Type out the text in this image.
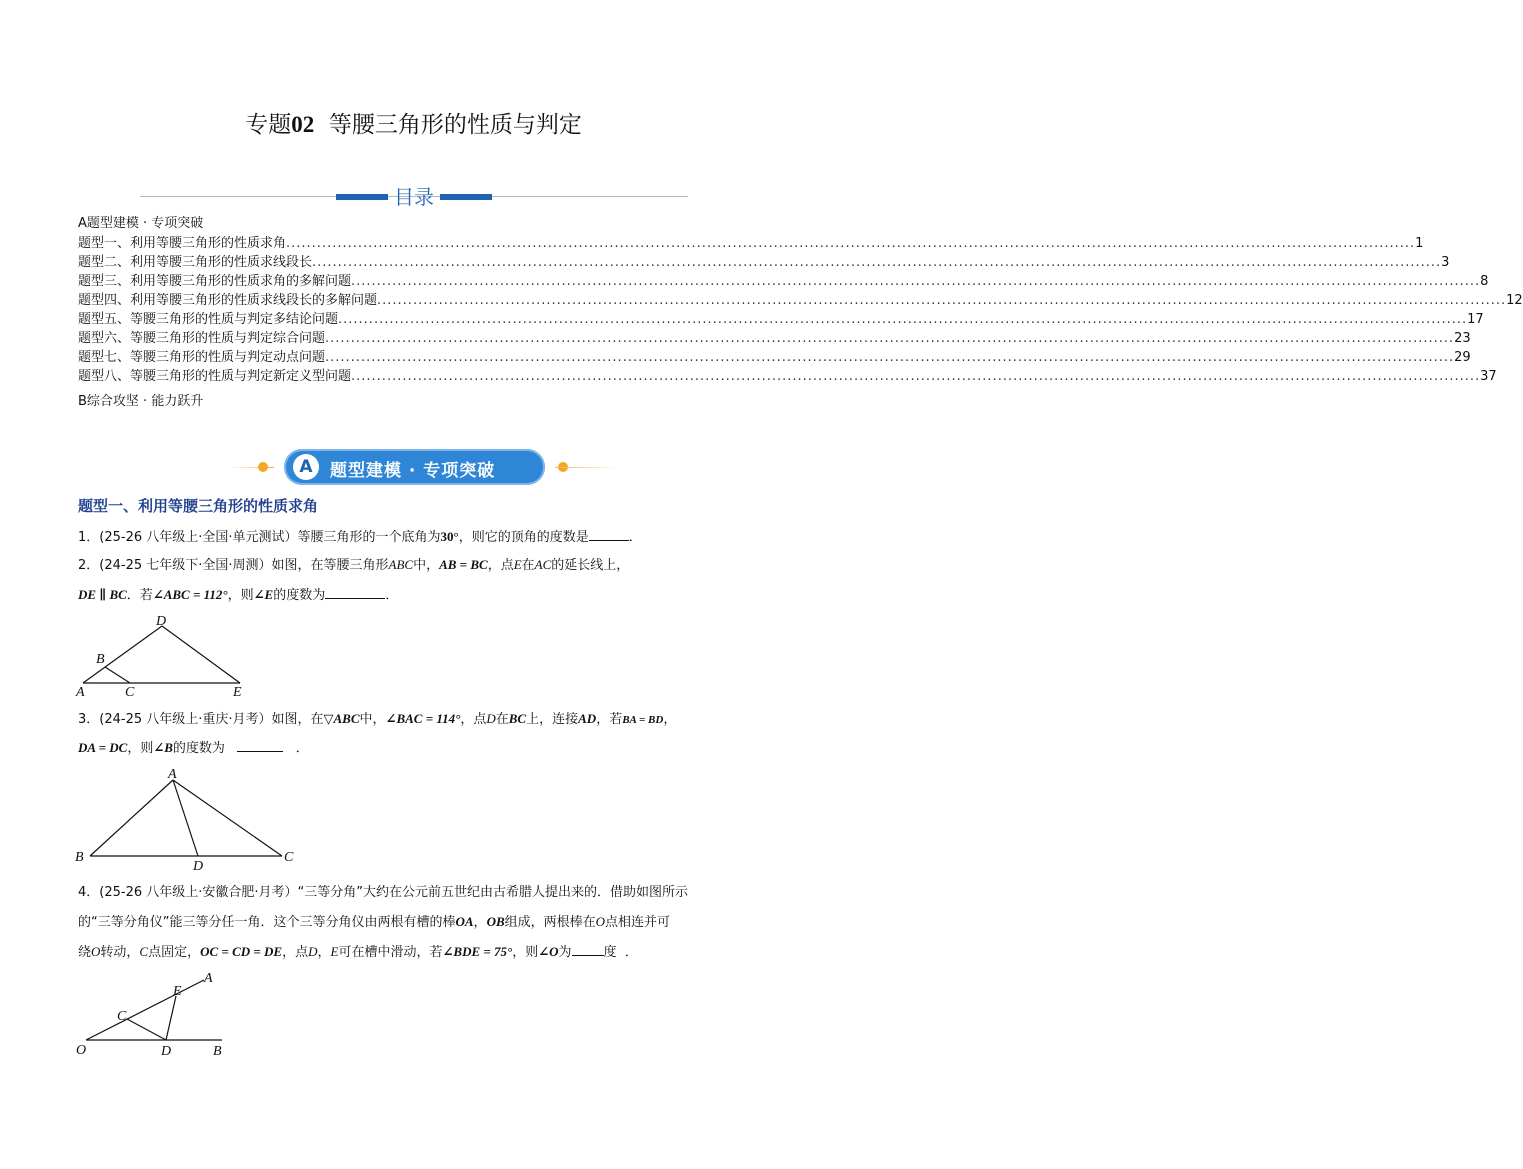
专题02 等腰三角形的性质与判定
目录
A题型建模 · 专项突破
题型一、利用等腰三角形的性质求角 ............................................................................................................................................................................................................................ 1
题型二、利用等腰三角形的性质求线段长 ............................................................................................................................................................................................................................ 3
题型三、利用等腰三角形的性质求角的多解问题 ............................................................................................................................................................................................................................ 8
题型四、利用等腰三角形的性质求线段长的多解问题 ............................................................................................................................................................................................................................ 12
题型五、等腰三角形的性质与判定多结论问题 ............................................................................................................................................................................................................................ 17
题型六、等腰三角形的性质与判定综合问题 ............................................................................................................................................................................................................................ 23
题型七、等腰三角形的性质与判定动点问题 ............................................................................................................................................................................................................................ 29
题型八、等腰三角形的性质与判定新定义型问题 ............................................................................................................................................................................................................................ 37
B综合攻坚 · 能力跃升
A	题型建模 · 专项突破
题型一、利用等腰三角形的性质求角
1．(25-26 八年级上·全国·单元测试）等腰三角形的一个底角为30°，则它的顶角的度数是	．
2．(24-25 七年级下·全国·周测）如图，在等腰三角形ABC中，AB = BC，点E在AC的延长线上，
DE ∥ BC．若∠ABC = 112°，则∠E的度数为	．
D
B
A	C	E
3．(24-25 八年级上·重庆·月考）如图，在▽ABC中，∠BAC = 114°，点D在BC上，连接AD，若BA = BD，
DA = DC，则∠B的度数为	．
A
B	C
D
4．(25-26 八年级上·安徽合肥·月考）“三等分角”大约在公元前五世纪由古希腊人提出来的．借助如图所示
的“三等分角仪”能三等分任一角．这个三等分角仪由两根有槽的棒OA，OB组成，两根棒在O点相连并可
绕O转动，C点固定，OC = CD = DE，点D，E可在槽中滑动，若∠BDE = 75°，则∠O为 度 ．
A
E
C
O	D	B
